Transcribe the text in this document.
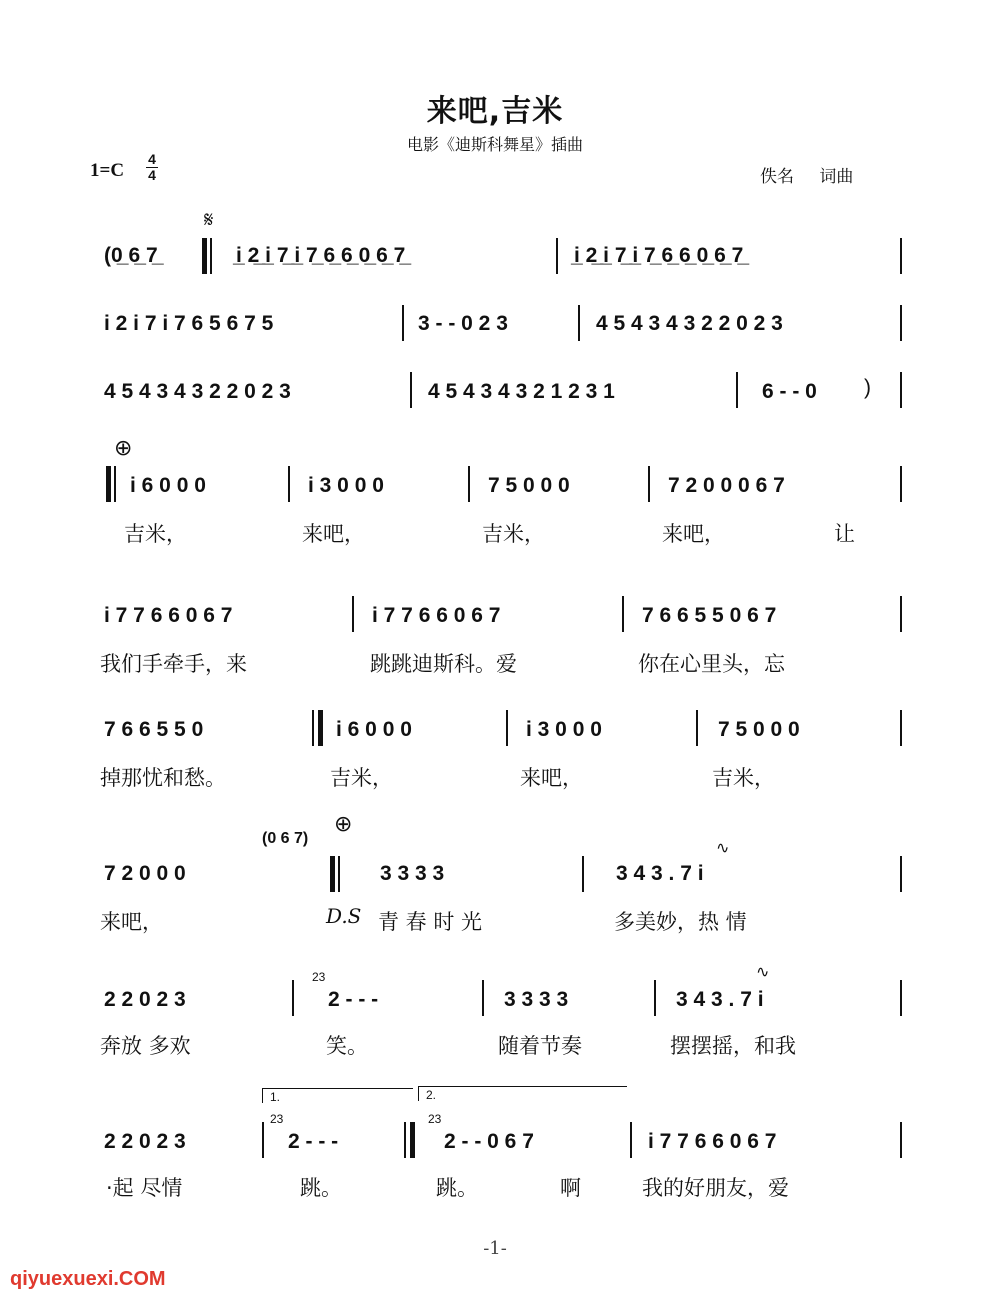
来吧,吉米
电影《迪斯科舞星》插曲
1=C
4
4	佚名 词曲
𝄋
(0̲ 6̲ 7̲	i̲ 2̲ i̲ 7̲ i̲ 7̲ 6̲ 6̲ 0̲ 6̲ 7̲	i̲ 2̲ i̲ 7̲ i̲ 7̲ 6̲ 6̲ 0̲ 6̲ 7̲
i 2 i 7 i 7 6 5 6 7 5	3 - - 0 2 3	4 5 4 3 4 3 2 2 0 2 3
4 5 4 3 4 3 2 2 0 2 3	4 5 4 3 4 3 2 1 2 3 1	6 - - 0 )
⊕
i 6 0 0 0	i 3 0 0 0	7 5 0 0 0	7 2 0 0 0 6 7
吉米，	来吧，	吉米，	来吧，	让
i 7 7 6 6 0 6 7	i 7 7 6 6 0 6 7	7 6 6 5 5 0 6 7
我们手牵手，来	跳跳迪斯科。爱	你在心里头，忘
7 6 6 5 5 0	i 6 0 0 0	i 3 0 0 0	7 5 0 0 0
掉那忧和愁。	吉米，	来吧，	吉米，
7 2 0 0 0
(0 6 7)
⊕
3 3 3 3	3 4 3 . 7 i
∿
来吧，	D.S 青 春 时 光	多美妙，热 情
2 2 0 2 3
23
2 - - -	3 3 3 3	3 4 3 . 7 i
∿
奔放 多欢	笑。	随着节奏	摆摆摇，和我
1.	2.
2 2 0 2 3
23
2 - - -
23
2 - - 0 6 7	i 7 7 6 6 0 6 7
·起 尽情	跳。	跳。	啊	我的好朋友，爱
-1-
qiyuexuexi.COM
